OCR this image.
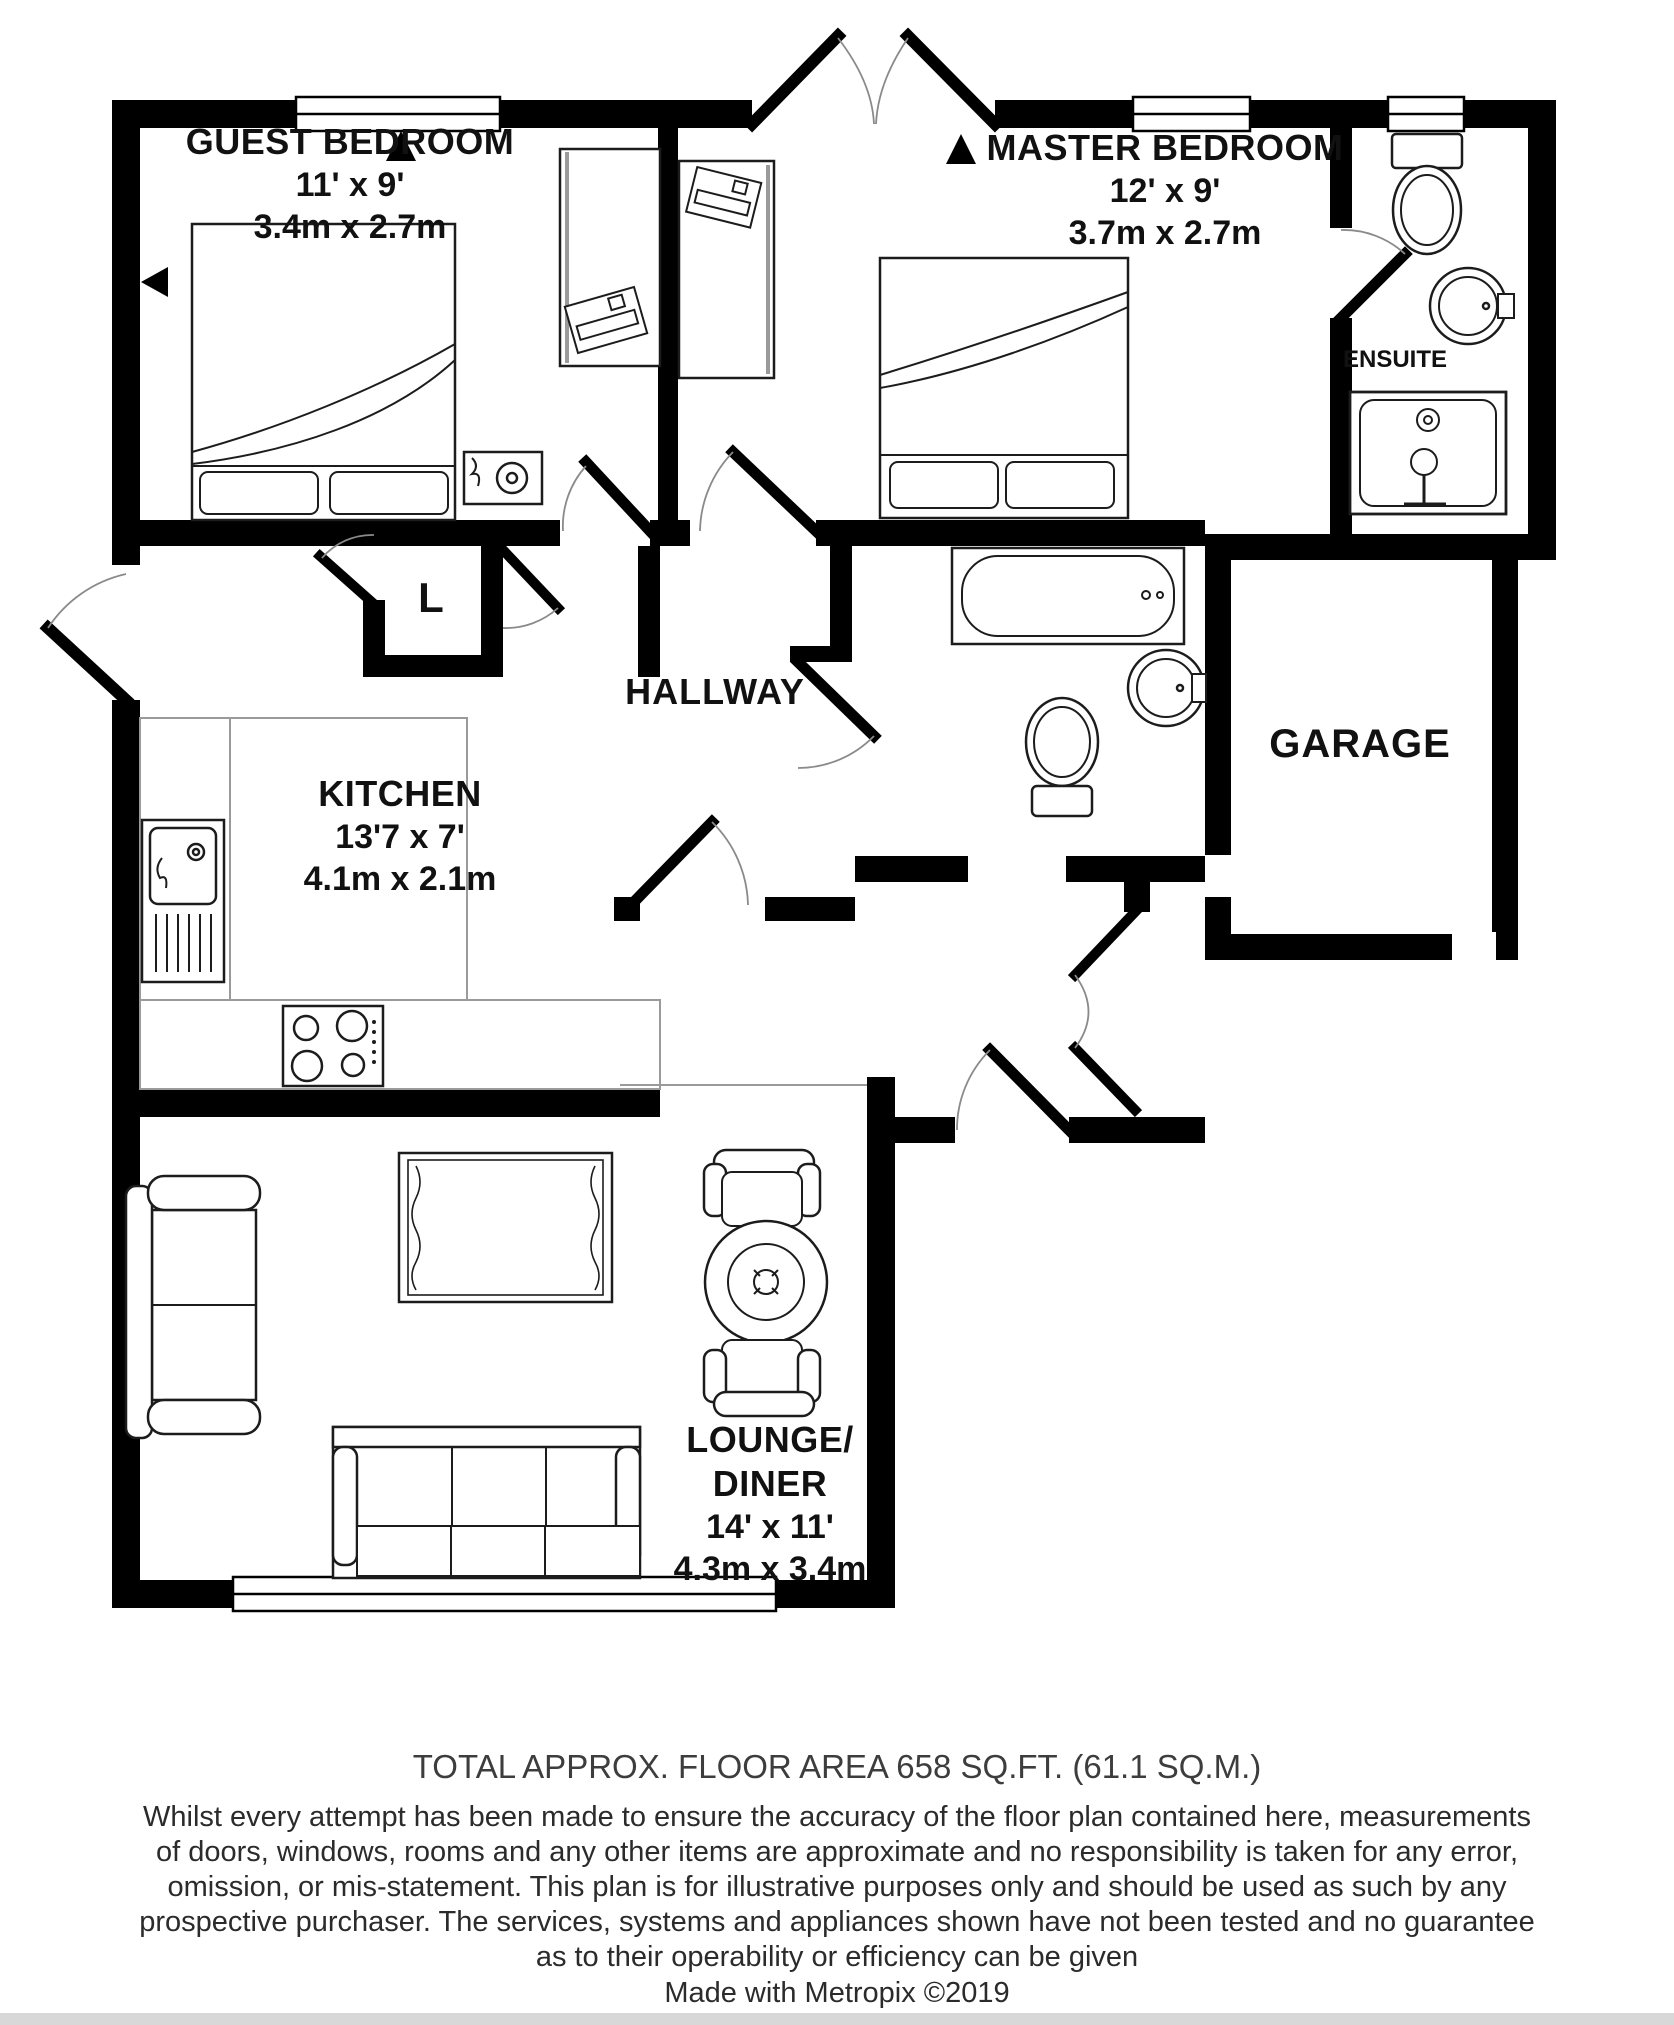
GUEST BEDROOM
11' x 9'
3.4m x 2.7m
MASTER BEDROOM
12' x 9'
3.7m x 2.7m
ENSUITE
HALLWAY
KITCHEN
13'7 x 7'
4.1m x 2.1m
GARAGE
L
LOUNGE/
DINER
14' x 11'
4.3m x 3.4m
TOTAL APPROX. FLOOR AREA 658 SQ.FT. (61.1 SQ.M.)
Whilst every attempt has been made to ensure the accuracy of the floor plan contained here, measurements
of doors, windows, rooms and any other items are approximate and no responsibility is taken for any error,
omission, or mis-statement. This plan is for illustrative purposes only and should be used as such by any
prospective purchaser. The services, systems and appliances shown have not been tested and no guarantee
as to their operability or efficiency can be given
Made with Metropix ©2019
